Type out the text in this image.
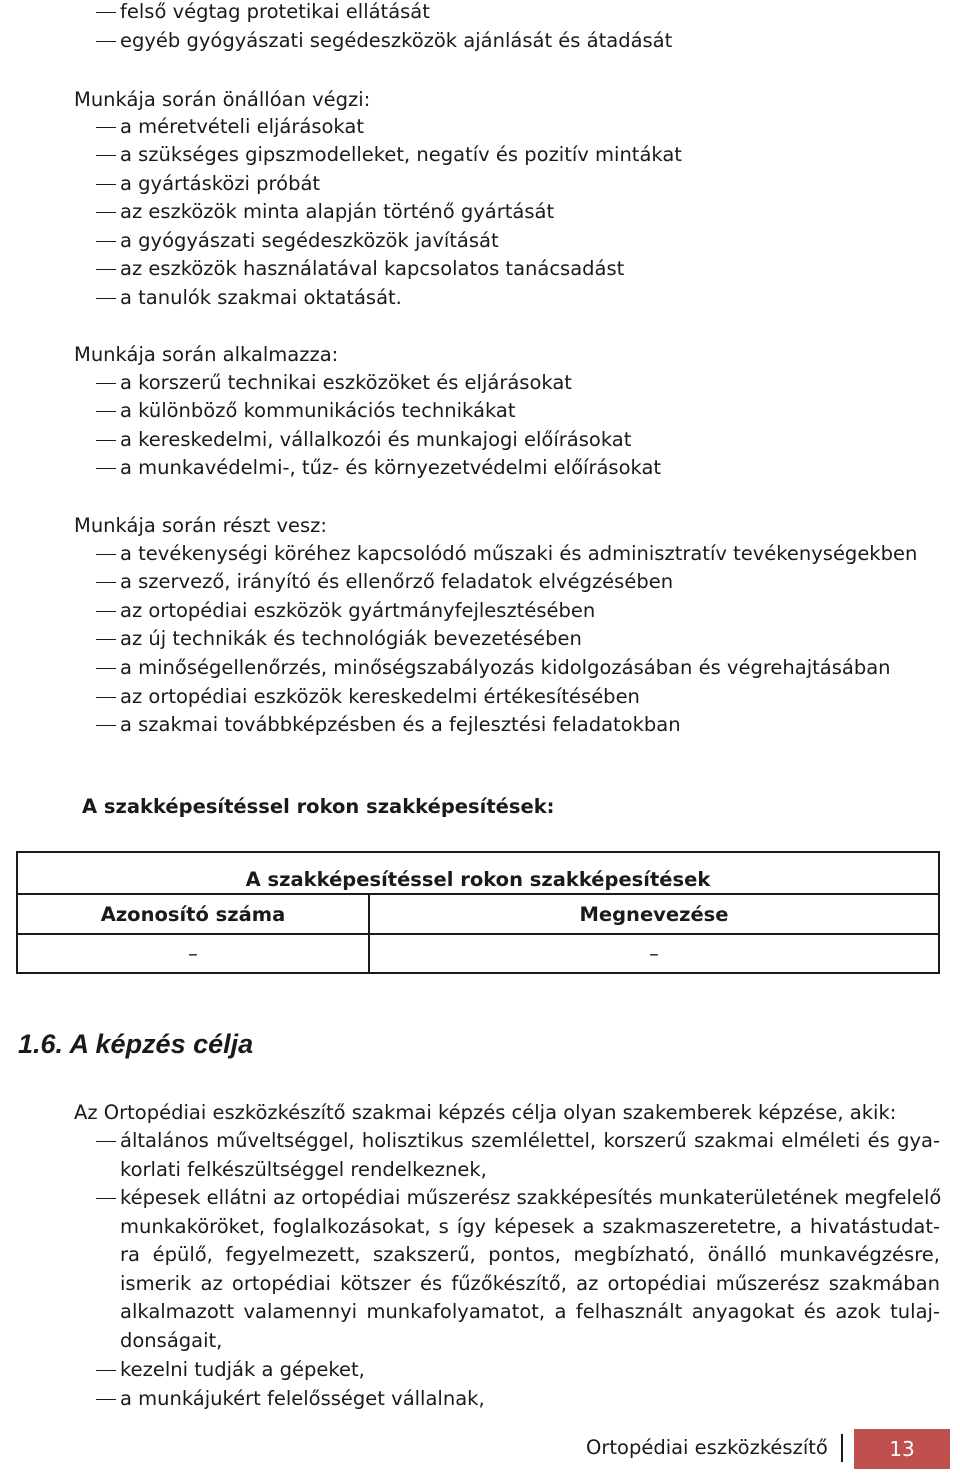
felső végtag protetikai ellátását
egyéb gyógyászati segédeszközök ajánlását és átadását
Munkája során önállóan végzi:
a méretvételi eljárásokat
a szükséges gipszmodelleket, negatív és pozitív mintákat
a gyártásközi próbát
az eszközök minta alapján történő gyártását
a gyógyászati segédeszközök javítását
az eszközök használatával kapcsolatos tanácsadást
a tanulók szakmai oktatását.
Munkája során alkalmazza:
a korszerű technikai eszközöket és eljárásokat
a különböző kommunikációs technikákat
a kereskedelmi, vállalkozói és munkajogi előírásokat
a munkavédelmi-, tűz- és környezetvédelmi előírásokat
Munkája során részt vesz:
a tevékenységi köréhez kapcsolódó műszaki és adminisztratív tevékenységekben
a szervező, irányító és ellenőrző feladatok elvégzésében
az ortopédiai eszközök gyártmányfejlesztésében
az új technikák és technológiák bevezetésében
a minőségellenőrzés, minőségszabályozás kidolgozásában és végrehajtásában
az ortopédiai eszközök kereskedelmi értékesítésében
a szakmai továbbképzésben és a fejlesztési feladatokban
A szakképesítéssel rokon szakképesítések:
A szakképesítéssel rokon szakképesítések	
Azonosító száma	Megnevezése
–	–
1.6. A képzés célja
Az Ortopédiai eszközkészítő szakmai képzés célja olyan szakemberek képzése, akik:
általános műveltséggel, holisztikus szemlélettel, korszerű szakmai elméleti és gya-
korlati felkészültséggel rendelkeznek,
képesek ellátni az ortopédiai műszerész szakképesítés munkaterületének megfelelő
munkaköröket, foglalkozásokat, s így képesek a szakmaszeretetre, a hivatástudat-
ra épülő, fegyelmezett, szakszerű, pontos, megbízható, önálló munkavégzésre,
ismerik az ortopédiai kötszer és fűzőkészítő, az ortopédiai műszerész szakmában
alkalmazott valamennyi munkafolyamatot, a felhasznált anyagokat és azok tulaj-
donságait,
kezelni tudják a gépeket,
a munkájukért felelősséget vállalnak,
Ortopédiai eszközkészítő	13
